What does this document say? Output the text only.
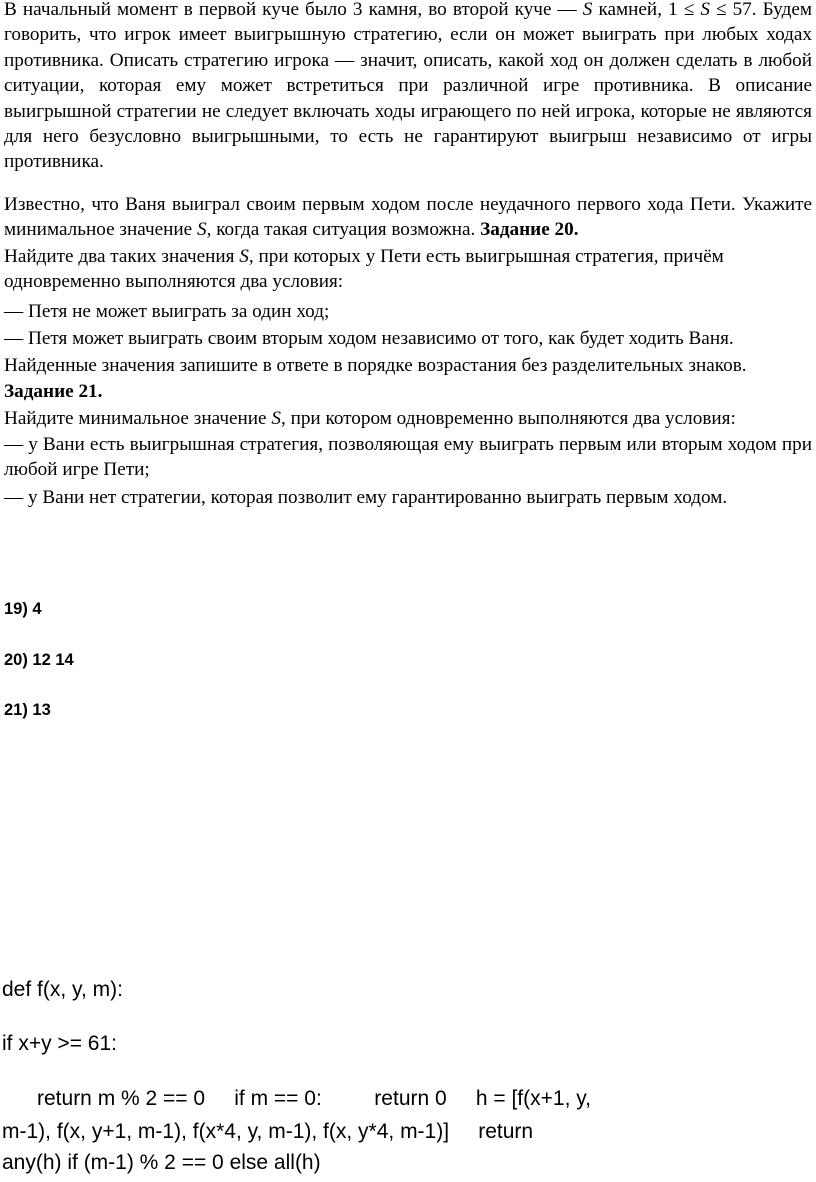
В начальный момент в первой куче было 3 камня, во второй куче — S камней, 1 ≤ S ≤ 57. Будем говорить, что игрок имеет выигрышную стратегию, если он может выиграть при любых ходах противника. Описать стратегию игрока — значит, описать, какой ход он должен сделать в любой ситуации, которая ему может встретиться при различной игре противника. В описание выигрышной стратегии не следует включать ходы играющего по ней игрока, которые не являются для него безусловно выигрышными, то есть не гарантируют выигрыш независимо от игры противника.

Известно, что Ваня выиграл своим первым ходом после неудачного первого хода Пети. Укажите минимальное значение S, когда такая ситуация возможна. Задание 20.

Найдите два таких значения S, при которых у Пети есть выигрышная стратегия, причём одновременно выполняются два условия:

— Петя не может выиграть за один ход;

— Петя может выиграть своим вторым ходом независимо от того, как будет ходить Ваня.

Найденные значения запишите в ответе в порядке возрастания без разделительных знаков.

Задание 21.

Найдите минимальное значение S, при котором одновременно выполняются два условия:

— у Вани есть выигрышная стратегия, позволяющая ему выиграть первым или вторым ходом при любой игре Пети;

— у Вани нет стратегии, которая позволит ему гарантированно выиграть первым ходом.

19) 4
20) 12 14
21) 13
def f(x, y, m):
if x+y >= 61:
return m % 2 == 0     if m == 0:         return 0     h = [f(x+1, y,
m-1), f(x, y+1, m-1), f(x*4, y, m-1), f(x, y*4, m-1)]     return
any(h) if (m-1) % 2 == 0 else all(h)
